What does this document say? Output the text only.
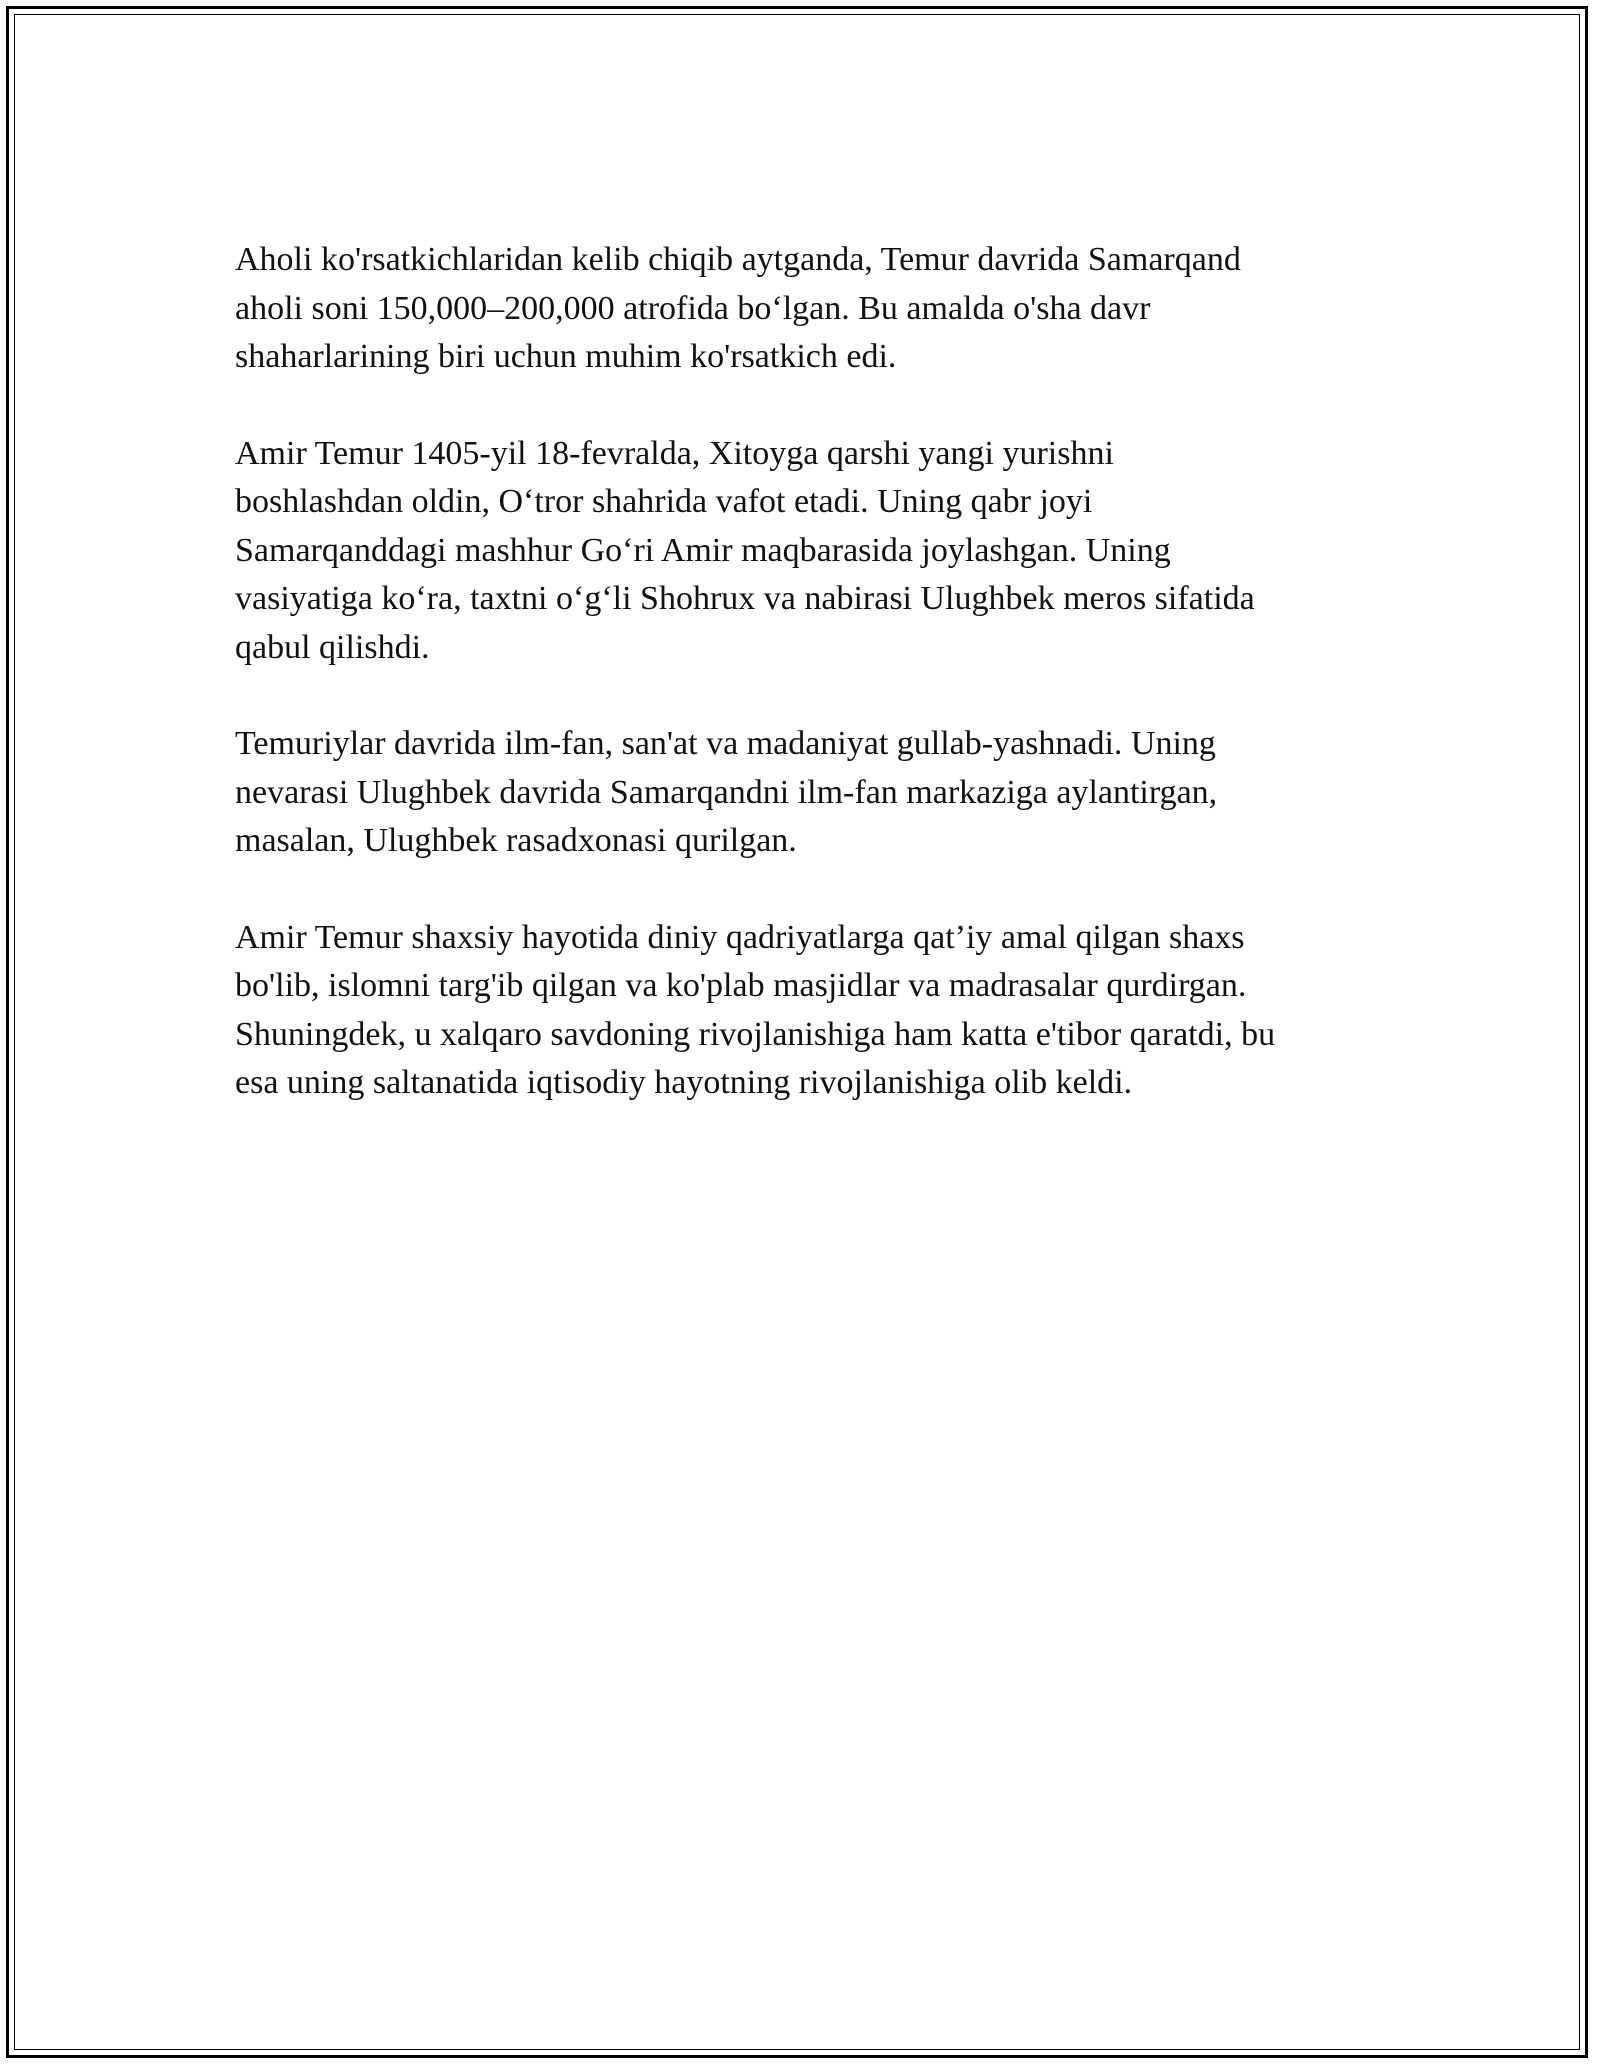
Aholi ko'rsatkichlaridan kelib chiqib aytganda, Temur davrida Samarqand
aholi soni 150,000–200,000 atrofida bo‘lgan. Bu amalda o'sha davr
shaharlarining biri uchun muhim ko'rsatkich edi.

Amir Temur 1405-yil 18-fevralda, Xitoyga qarshi yangi yurishni
boshlashdan oldin, O‘tror shahrida vafot etadi. Uning qabr joyi
Samarqanddagi mashhur Go‘ri Amir maqbarasida joylashgan. Uning
vasiyatiga ko‘ra, taxtni o‘g‘li Shohrux va nabirasi Ulughbek meros sifatida
qabul qilishdi.

Temuriylar davrida ilm-fan, san'at va madaniyat gullab-yashnadi. Uning
nevarasi Ulughbek davrida Samarqandni ilm-fan markaziga aylantirgan,
masalan, Ulughbek rasadxonasi qurilgan.

Amir Temur shaxsiy hayotida diniy qadriyatlarga qat’iy amal qilgan shaxs
bo'lib, islomni targ'ib qilgan va ko'plab masjidlar va madrasalar qurdirgan.
Shuningdek, u xalqaro savdoning rivojlanishiga ham katta e'tibor qaratdi, bu
esa uning saltanatida iqtisodiy hayotning rivojlanishiga olib keldi.
